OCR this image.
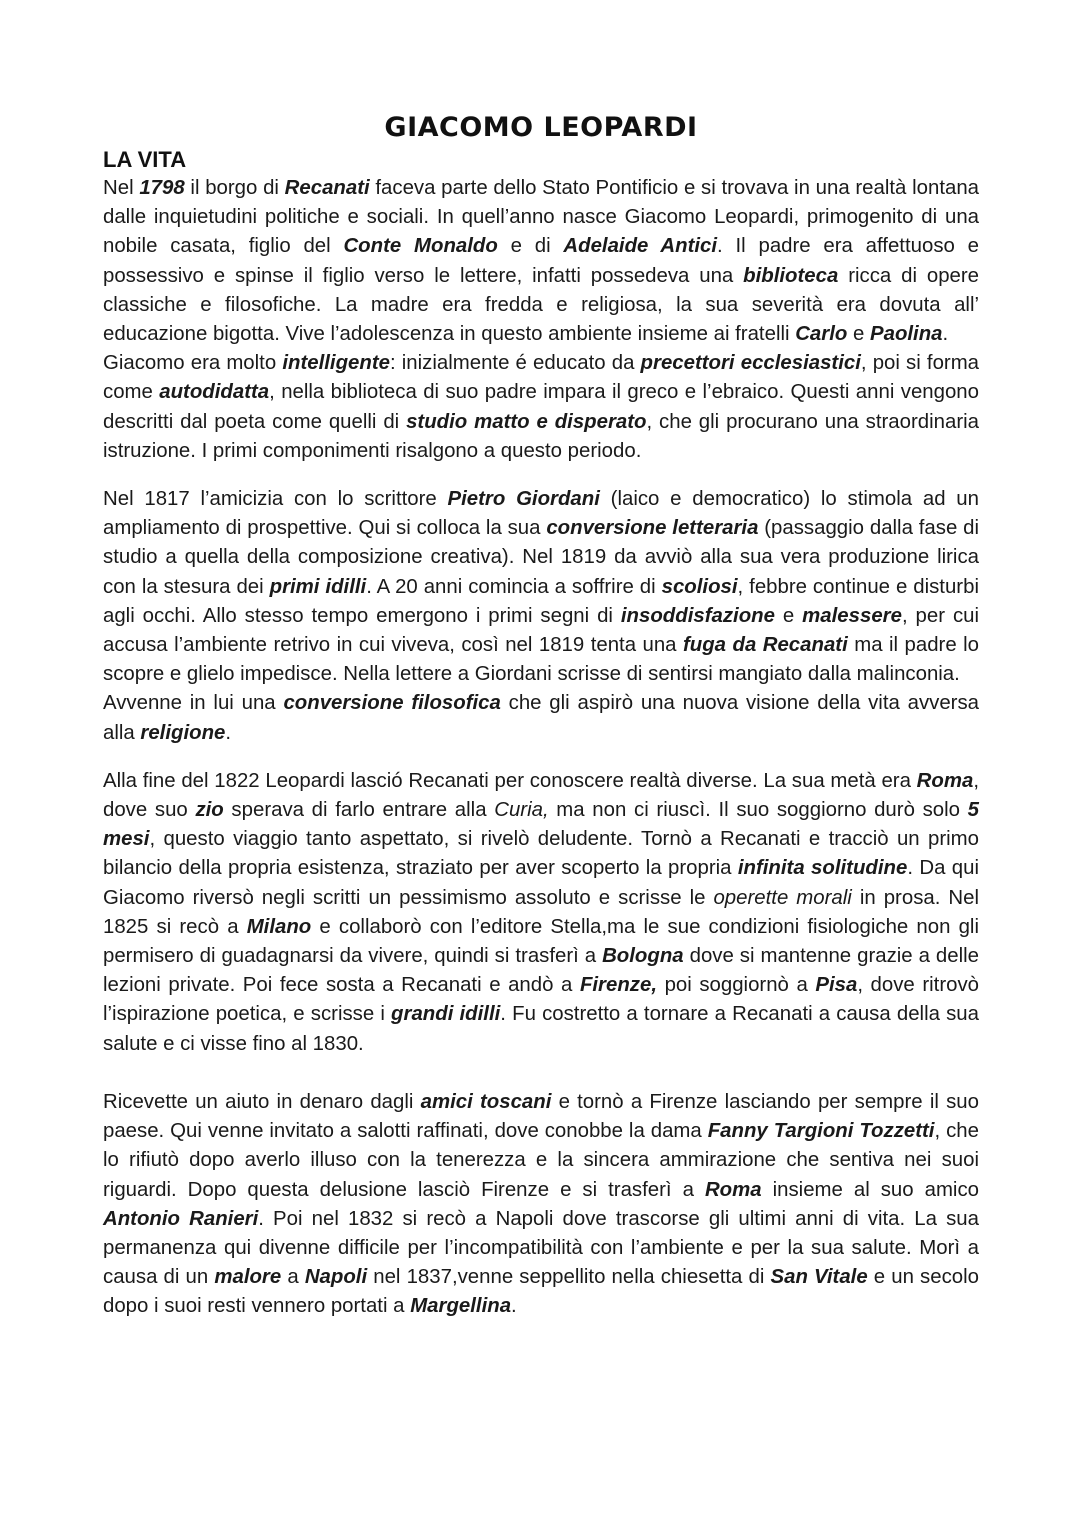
GIACOMO LEOPARDI
LA VITA

Nel 1798 il borgo di Recanati faceva parte dello Stato Pontificio e si trovava in una realtà lontana dalle inquietudini politiche e sociali. In quell’anno nasce Giacomo Leopardi, primogenito di una nobile casata, figlio del Conte Monaldo e di Adelaide Antici. Il padre era affettuoso e possessivo e spinse il figlio verso le lettere, infatti possedeva una biblioteca ricca di opere classiche e filosofiche. La madre era fredda e religiosa, la sua severità era dovuta all’ educazione bigotta. Vive l’adolescenza in questo ambiente insieme ai fratelli Carlo e Paolina.

Giacomo era molto intelligente: inizialmente é educato da precettori ecclesiastici, poi si forma come autodidatta, nella biblioteca di suo padre impara il greco e l’ebraico. Questi anni vengono descritti dal poeta come quelli di studio matto e disperato, che gli procurano una straordinaria istruzione. I primi componimenti risalgono a questo periodo.

Nel 1817 l’amicizia con lo scrittore Pietro Giordani (laico e democratico) lo stimola ad un ampliamento di prospettive. Qui si colloca la sua conversione letteraria (passaggio dalla fase di studio a quella della composizione creativa). Nel 1819 da avviò alla sua vera produzione lirica con la stesura dei primi idilli. A 20 anni comincia a soffrire di scoliosi, febbre continue e disturbi agli occhi. Allo stesso tempo emergono i primi segni di insoddisfazione e malessere, per cui accusa l’ambiente retrivo in cui viveva, così nel 1819 tenta una fuga da Recanati ma il padre lo scopre e glielo impedisce. Nella lettere a Giordani scrisse di sentirsi mangiato dalla malinconia.

Avvenne in lui una conversione filosofica che gli aspirò una nuova visione della vita avversa alla religione.

Alla fine del 1822 Leopardi lasció Recanati per conoscere realtà diverse. La sua metà era Roma, dove suo zio sperava di farlo entrare alla Curia, ma non ci riuscì. Il suo soggiorno durò solo 5 mesi, questo viaggio tanto aspettato, si rivelò deludente. Tornò a Recanati e tracciò un primo bilancio della propria esistenza, straziato per aver scoperto la propria infinita solitudine. Da qui Giacomo riversò negli scritti un pessimismo assoluto e scrisse le operette morali in prosa. Nel 1825 si recò a Milano e collaborò con l’editore Stella,ma le sue condizioni fisiologiche non gli permisero di guadagnarsi da vivere, quindi si trasferì a Bologna dove si mantenne grazie a delle lezioni private. Poi fece sosta a Recanati e andò a Firenze, poi soggiornò a Pisa, dove ritrovò l’ispirazione poetica, e scrisse i grandi idilli. Fu costretto a tornare a Recanati a causa della sua salute e ci visse fino al 1830.

Ricevette un aiuto in denaro dagli amici toscani e tornò a Firenze lasciando per sempre il suo paese. Qui venne invitato a salotti raffinati, dove conobbe la dama Fanny Targioni Tozzetti, che lo rifiutò dopo averlo illuso con la tenerezza e la sincera ammirazione che sentiva nei suoi riguardi. Dopo questa delusione lasciò Firenze e si trasferì a Roma insieme al suo amico Antonio Ranieri. Poi nel 1832 si recò a Napoli dove trascorse gli ultimi anni di vita. La sua permanenza qui divenne difficile per l’incompatibilità con l’ambiente e per la sua salute. Morì a causa di un malore a Napoli nel 1837,venne seppellito nella chiesetta di San Vitale e un secolo dopo i suoi resti vennero portati a Margellina.
